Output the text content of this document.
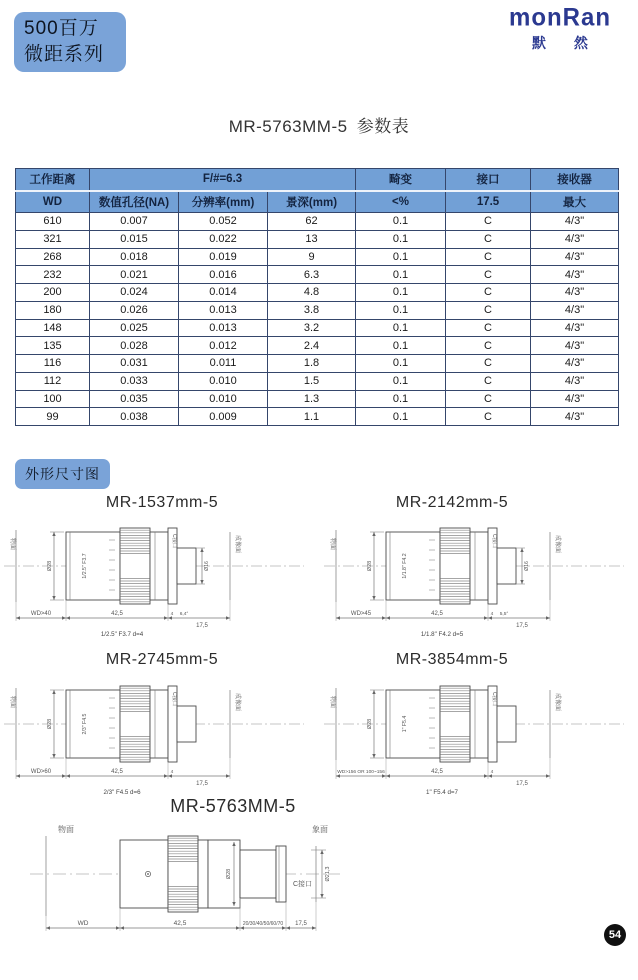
500百万
微距系列
monRan
默 然
MR-5763MM-5 参数表
工作距离	F/#=6.3			畸变	接口	接收器
WD	数值孔径(NA)	分辨率(mm)	景深(mm)	<%	17.5	最大
610	0.007	0.052	62	0.1	C	4/3"
321	0.015	0.022	13	0.1	C	4/3"
268	0.018	0.019	9	0.1	C	4/3"
232	0.021	0.016	6.3	0.1	C	4/3"
200	0.024	0.014	4.8	0.1	C	4/3"
180	0.026	0.013	3.8	0.1	C	4/3"
148	0.025	0.013	3.2	0.1	C	4/3"
135	0.028	0.012	2.4	0.1	C	4/3"
116	0.031	0.011	1.8	0.1	C	4/3"
112	0.033	0.010	1.5	0.1	C	4/3"
100	0.035	0.010	1.3	0.1	C	4/3"
99	0.038	0.009	1.1	0.1	C	4/3"
外形尺寸图
MR-1537mm-5	MR-2142mm-5
MR-2745mm-5	MR-3854mm-5
MR-5763MM-5
物面
Ø28	1/2.5" F3.7
C接口
Ø16
成像面
WD>40	42,5	4 6,4°
17,5
1/2.5" F3.7 d=4
物面
Ø28	1/1.8" F4.2
C接口
Ø16
成像面
WD>45	42,5	4 5,5°
17,5
1/1.8" F4.2 d=5
物面
Ø28	2/3" F4.5
C接口	成像面
WD>60	42,5	4
17,5
2/3" F4.5 d=6
物面
Ø28	1" F5.4
C接口	成像面
WD>156 OR 100~156	42,5	4
17,5
1" F5.4 d=7
物面
Ø28
C接口
Ø21,3
象面
WD	42,5	20/30/40/50/60/70 17,5
54
